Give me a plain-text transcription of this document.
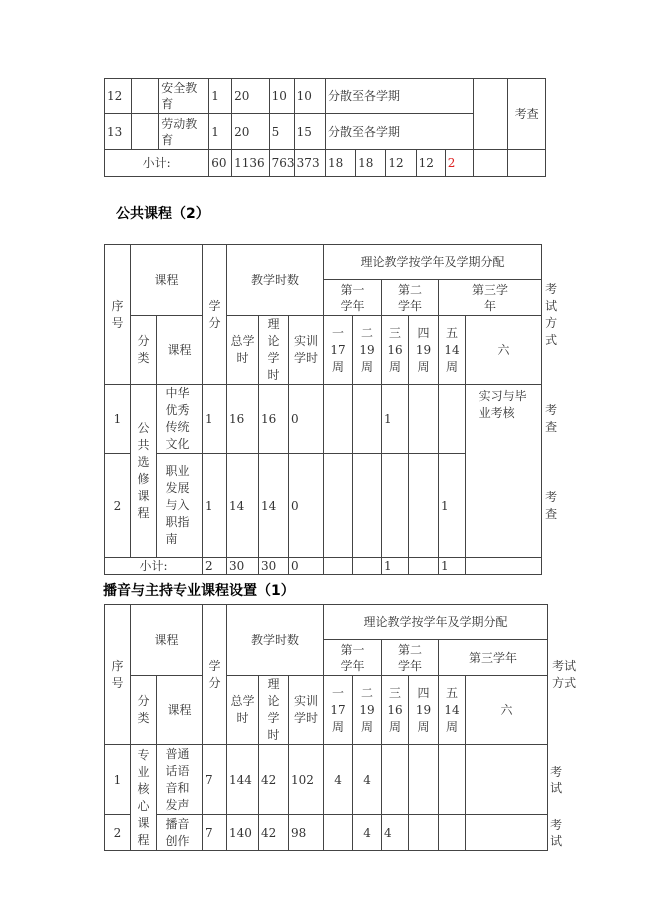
12		安全教育	1	20	10	10	分散至各学期						考查
13		劳动教育	1	20	5	15	分散至各学期						
小计:			60	1136	763	373	18	18	12	12	2		
公共课程（2）
序号	课程		学分	教学时数			理论教学按学年及学期分配						考试方式

							第一学年		第二学年		第三学年		

	分类	课程		总学时	理论学时	实训学时	一17周	二19周	三16周	四19周	五14周	六	

1	公共选修课程	中华优秀传统文化	1	16	16	0			1			实习与毕业考核	考查

2		职业发展与入职指南	1	14	14	0					1		考查

小计:			2	30	30	0			1		1		
播音与主持专业课程设置（1）
序号	课程		学分	教学时数			理论教学按学年及学期分配						考试方式

							第一学年		第二学年		第三学年		

	分类	课程		总学时	理论学时	实训学时	一17周	二19周	三16周	四19周	五14周	六	

1	专业核心课程	普通话语音和发声	7	144	42	102	4	4					考试
2		播音创作	7	140	42	98		4	4				考试
